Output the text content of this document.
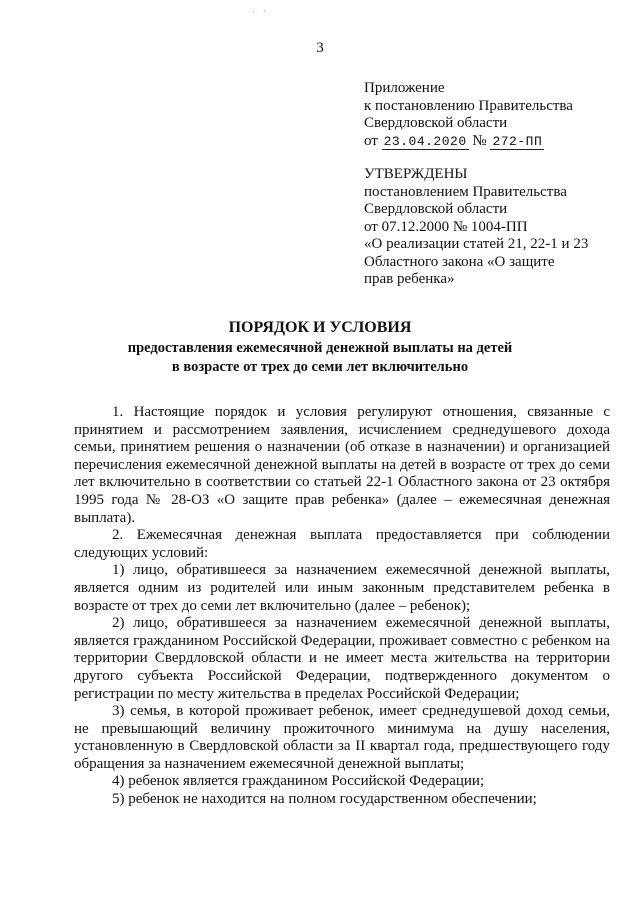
. .
3
Приложение
к постановлению Правительства
Свердловской области
от 23.04.2020 № 272-ПП
УТВЕРЖДЕНЫ
постановлением Правительства
Свердловской области
от 07.12.2000 № 1004-ПП
«О реализации статей 21, 22-1 и 23
Областного закона «О защите
прав ребенка»
ПОРЯДОК И УСЛОВИЯ
предоставления ежемесячной денежной выплаты на детей
в возрасте от трех до семи лет включительно

1. Настоящие порядок и условия регулируют отношения, связанные с принятием и рассмотрением заявления, исчислением среднедушевого дохода семьи, принятием решения о назначении (об отказе в назначении) и организацией перечисления ежемесячной денежной выплаты на детей в возрасте от трех до семи лет включительно в соответствии со статьей 22-1 Областного закона от 23 октября 1995 года № 28-ОЗ «О защите прав ребенка» (далее – ежемесячная денежная выплата).

2. Ежемесячная денежная выплата предоставляется при соблюдении следующих условий:

1) лицо, обратившееся за назначением ежемесячной денежной выплаты, является одним из родителей или иным законным представителем ребенка в возрасте от трех до семи лет включительно (далее – ребенок);

2) лицо, обратившееся за назначением ежемесячной денежной выплаты, является гражданином Российской Федерации, проживает совместно с ребенком на территории Свердловской области и не имеет места жительства на территории другого субъекта Российской Федерации, подтвержденного документом о регистрации по месту жительства в пределах Российской Федерации;

3) семья, в которой проживает ребенок, имеет среднедушевой доход семьи, не превышающий величину прожиточного минимума на душу населения, установленную в Свердловской области за II квартал года, предшествующего году обращения за назначением ежемесячной денежной выплаты;

4) ребенок является гражданином Российской Федерации;

5) ребенок не находится на полном государственном обеспечении;
